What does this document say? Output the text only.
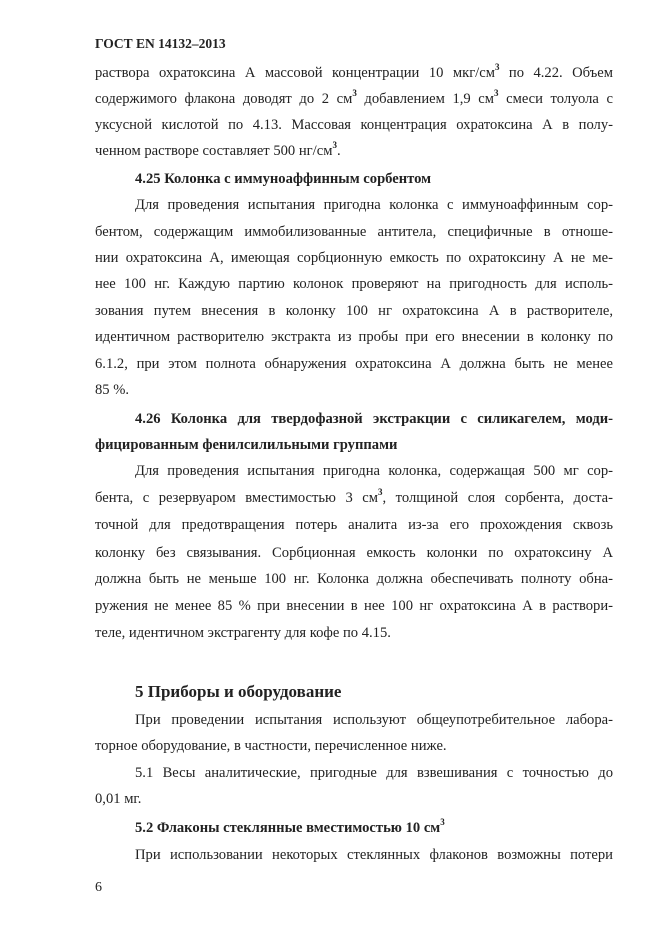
ГОСТ EN 14132–2013
раствора охратоксина А массовой концентрации 10 мкг/$см^3$ по 4.22. Объем
содержимого флакона доводят до 2 $см^3$ добавлением 1,9 $см^3$ смеси толуола с
уксусной кислотой по 4.13. Массовая концентрация охратоксина А в полу-
ченном растворе составляет 500 $нг/см^3$.
4.25 Колонка с иммуноаффинным сорбентом
Для проведения испытания пригодна колонка с иммуноаффинным сор-
бентом, содержащим иммобилизованные антитела, специфичные в отноше-
нии охратоксина А, имеющая сорбционную емкость по охратоксину А не ме-
нее 100 нг. Каждую партию колонок проверяют на пригодность для исполь-
зования путем внесения в колонку 100 нг охратоксина А в растворителе,
идентичном растворителю экстракта из пробы при его внесении в колонку по
6.1.2, при этом полнота обнаружения охратоксина А должна быть не менее
85 %.
4.26 Колонка для твердофазной экстракции с силикагелем, моди-
фицированным фенилсилильными группами
Для проведения испытания пригодна колонка, содержащая 500 мг сор-
бента, с резервуаром вместимостью 3 $см^3$, толщиной слоя сорбента, доста-
точной для предотвращения потерь аналита из-за его прохождения сквозь
колонку без связывания. Сорбционная емкость колонки по охратоксину А
должна быть не меньше 100 нг. Колонка должна обеспечивать полноту обна-
ружения не менее 85 % при внесении в нее 100 нг охратоксина А в раствори-
теле, идентичном экстрагенту для кофе по 4.15.
5 Приборы и оборудование
При проведении испытания используют общеупотребительное лабора-
торное оборудование, в частности, перечисленное ниже.
5.1 Весы аналитические, пригодные для взвешивания с точностью до
0,01 мг.
5.2 Флаконы стеклянные вместимостью 10 $см^3$
При использовании некоторых стеклянных флаконов возможны потери
6
